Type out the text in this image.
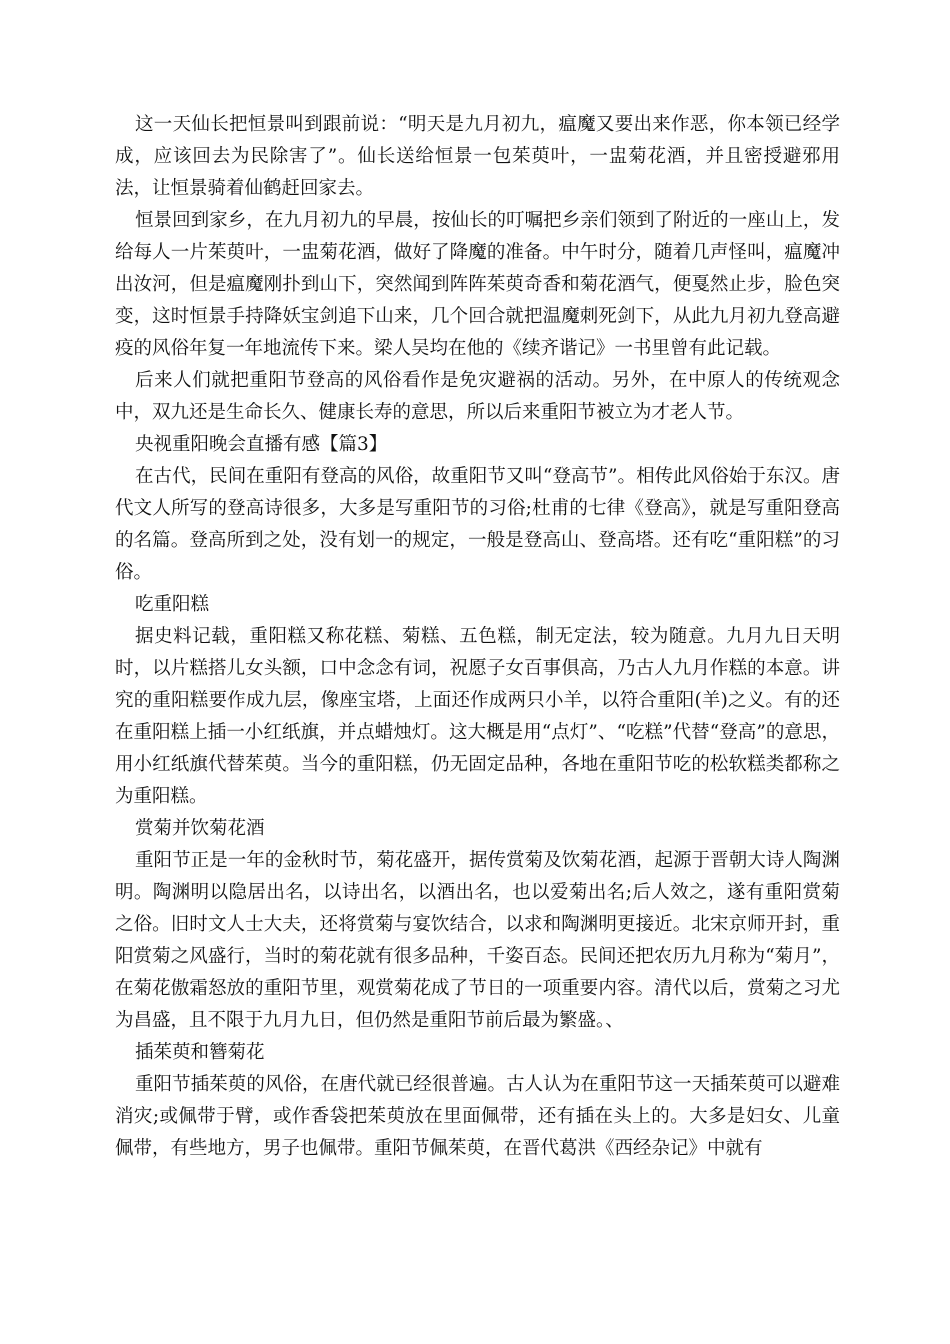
这一天仙长把恒景叫到跟前说：“明天是九月初九，瘟魔又要出来作恶，你本领已经学成，应该回去为民除害了”。仙长送给恒景一包茱萸叶，一盅菊花酒，并且密授避邪用法，让恒景骑着仙鹤赶回家去。

恒景回到家乡，在九月初九的早晨，按仙长的叮嘱把乡亲们领到了附近的一座山上，发给每人一片茱萸叶，一盅菊花酒，做好了降魔的准备。中午时分，随着几声怪叫，瘟魔冲出汝河，但是瘟魔刚扑到山下，突然闻到阵阵茱萸奇香和菊花酒气，便戛然止步，脸色突变，这时恒景手持降妖宝剑追下山来，几个回合就把温魔刺死剑下，从此九月初九登高避疫的风俗年复一年地流传下来。梁人吴均在他的《续齐谐记》一书里曾有此记载。

后来人们就把重阳节登高的风俗看作是免灾避祸的活动。另外，在中原人的传统观念中，双九还是生命长久、健康长寿的意思，所以后来重阳节被立为才老人节。

央视重阳晚会直播有感【篇3】

在古代，民间在重阳有登高的风俗，故重阳节又叫“登高节”。相传此风俗始于东汉。唐代文人所写的登高诗很多，大多是写重阳节的习俗;杜甫的七律《登高》，就是写重阳登高的名篇。登高所到之处，没有划一的规定，一般是登高山、登高塔。还有吃“重阳糕”的习俗。

吃重阳糕

据史料记载，重阳糕又称花糕、菊糕、五色糕，制无定法，较为随意。九月九日天明时，以片糕搭儿女头额，口中念念有词，祝愿子女百事俱高，乃古人九月作糕的本意。讲究的重阳糕要作成九层，像座宝塔，上面还作成两只小羊，以符合重阳(羊)之义。有的还在重阳糕上插一小红纸旗，并点蜡烛灯。这大概是用“点灯”、“吃糕”代替“登高”的意思，用小红纸旗代替茱萸。当今的重阳糕，仍无固定品种，各地在重阳节吃的松软糕类都称之为重阳糕。

赏菊并饮菊花酒

重阳节正是一年的金秋时节，菊花盛开，据传赏菊及饮菊花酒，起源于晋朝大诗人陶渊明。陶渊明以隐居出名，以诗出名，以酒出名，也以爱菊出名;后人效之，遂有重阳赏菊之俗。旧时文人士大夫，还将赏菊与宴饮结合，以求和陶渊明更接近。北宋京师开封，重阳赏菊之风盛行，当时的菊花就有很多品种，千姿百态。民间还把农历九月称为“菊月”，在菊花傲霜怒放的重阳节里，观赏菊花成了节日的一项重要内容。清代以后，赏菊之习尤为昌盛，且不限于九月九日，但仍然是重阳节前后最为繁盛。、

插茱萸和簪菊花

重阳节插茱萸的风俗，在唐代就已经很普遍。古人认为在重阳节这一天插茱萸可以避难消灾;或佩带于臂，或作香袋把茱萸放在里面佩带，还有插在头上的。大多是妇女、儿童佩带，有些地方，男子也佩带。重阳节佩茱萸，在晋代葛洪《西经杂记》中就有
